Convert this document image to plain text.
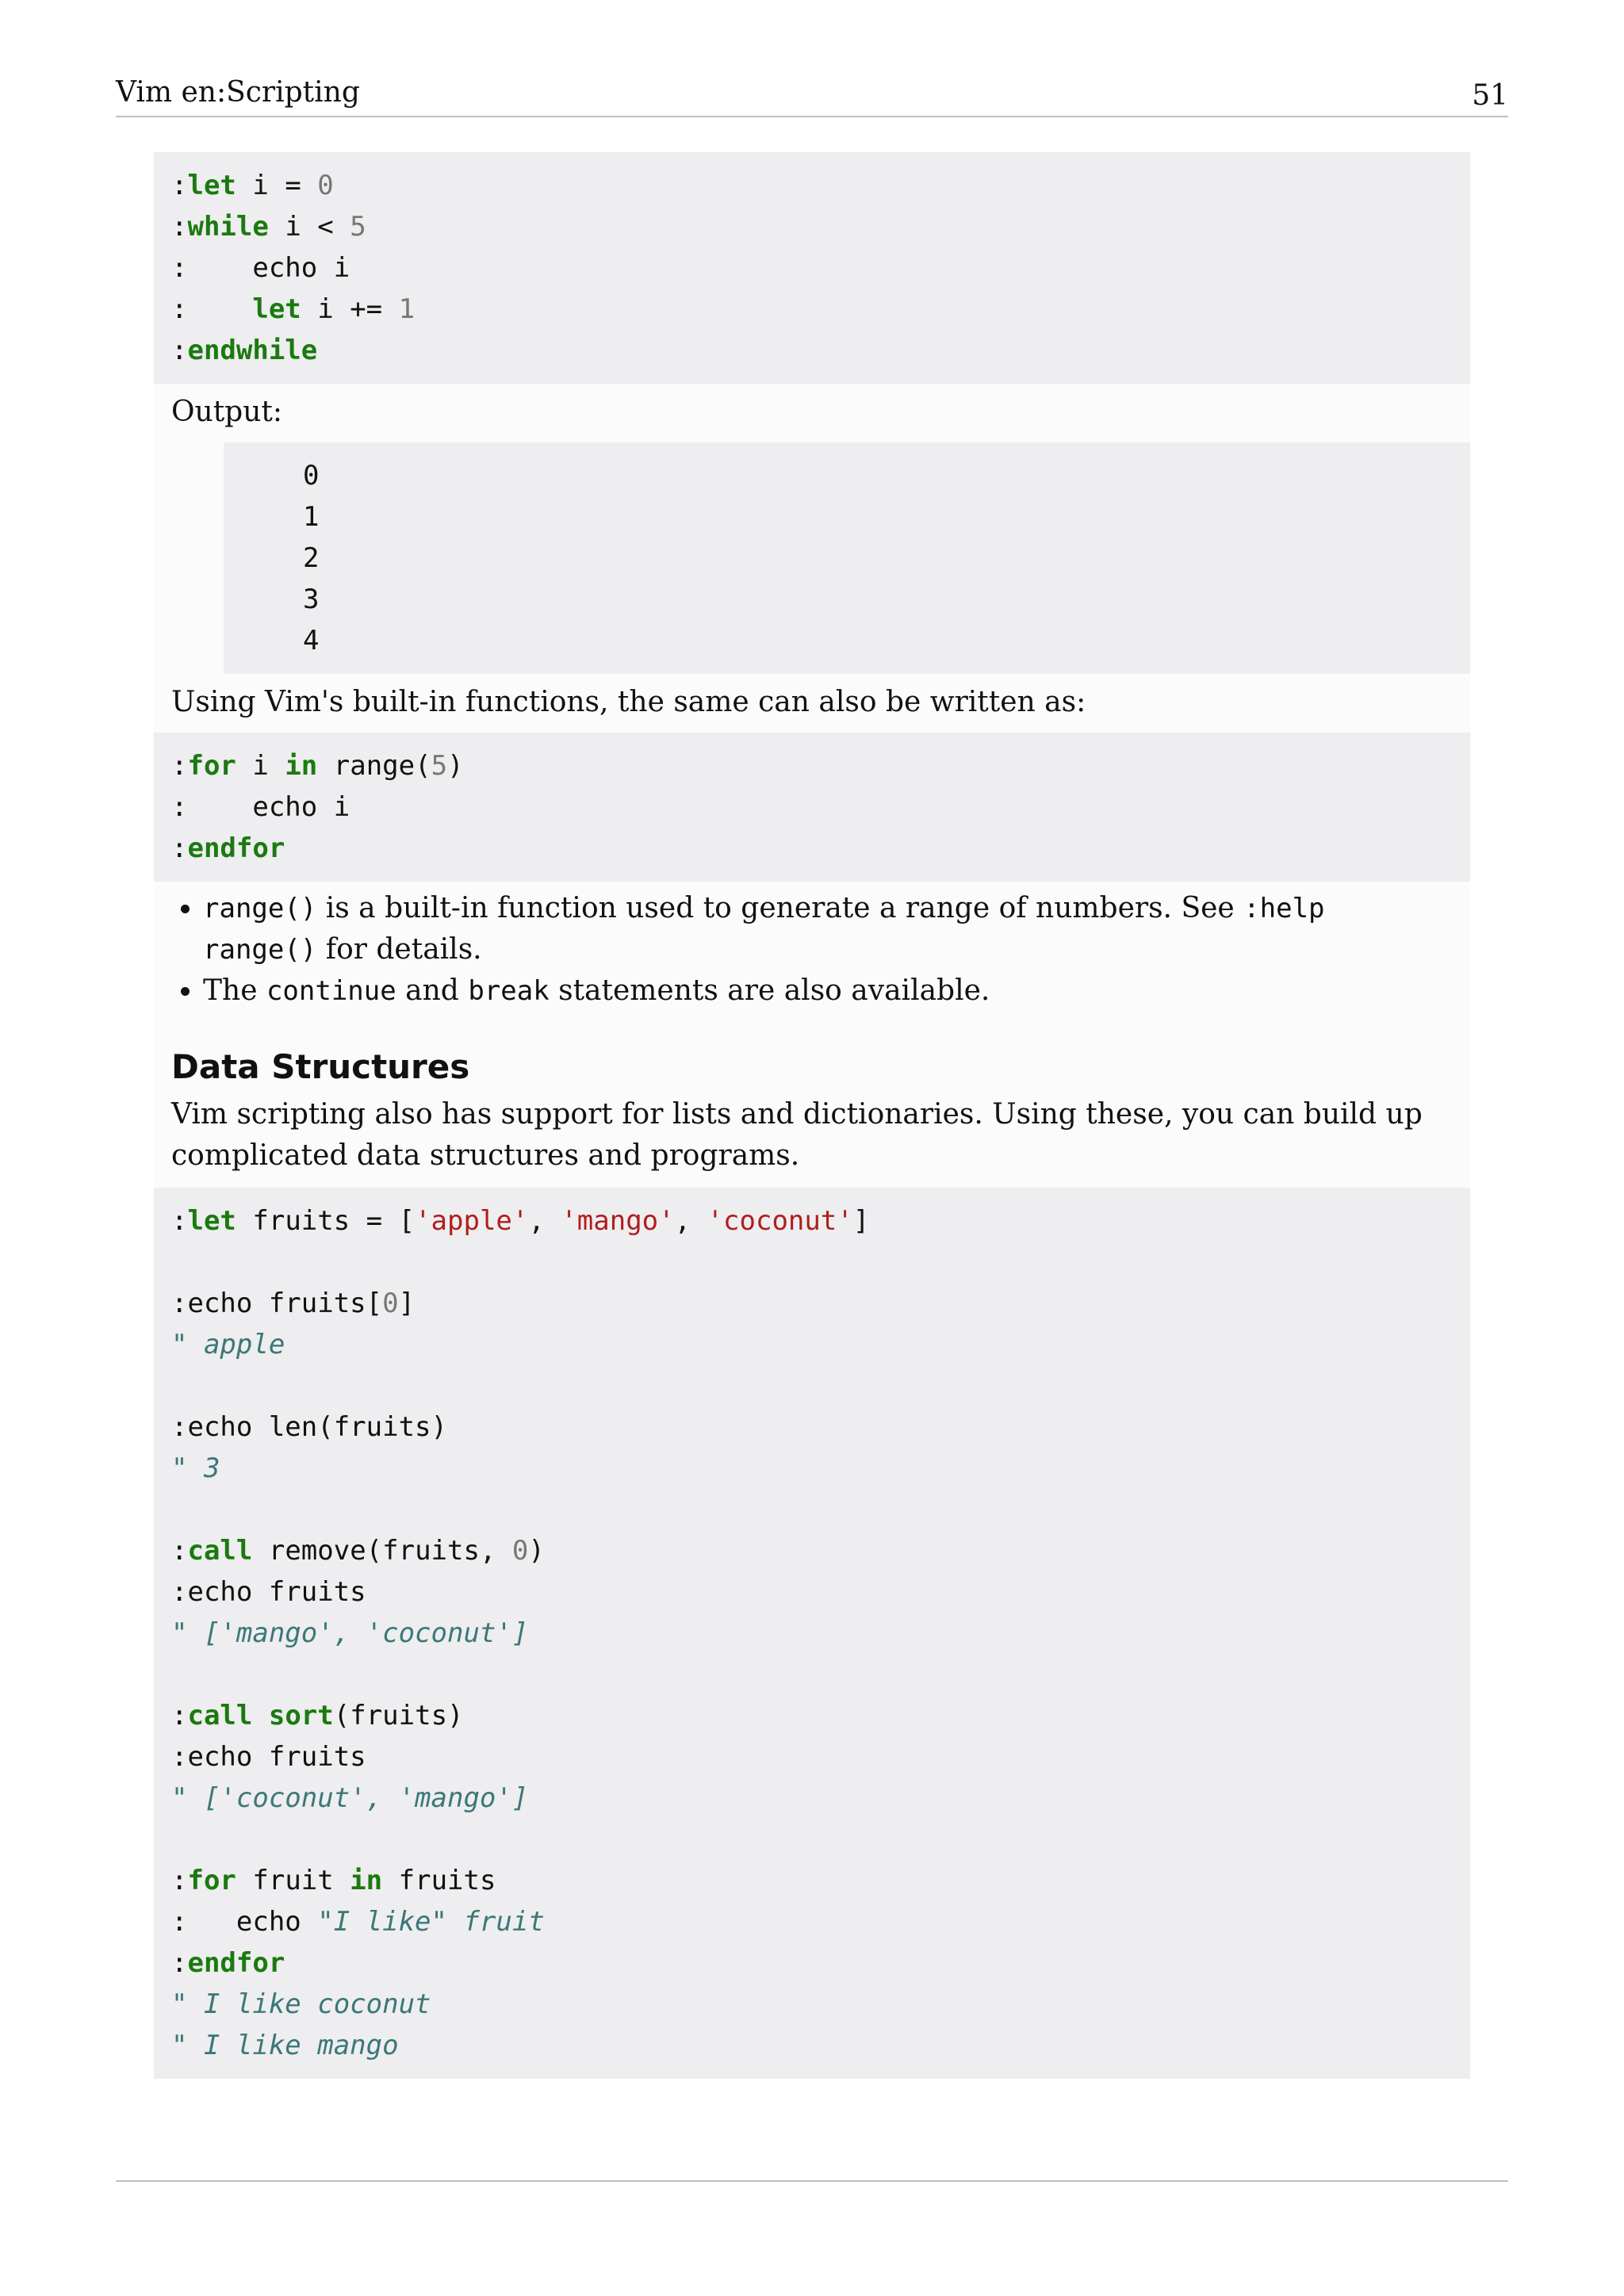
Vim en:Scripting	51
:let i = 0
:while i < 5
:    echo i
:    let i += 1
:endwhile
Output:
0
1
2
3
4
Using Vim's built-in functions, the same can also be written as:
:for i in range(5)
:    echo i
:endfor

• range() is a built-in function used to generate a range of numbers. See :help range() for details.
• The continue and break statements are also available.
Data Structures
Vim scripting also has support for lists and dictionaries. Using these, you can build up complicated data structures and programs.
:let fruits = ['apple', 'mango', 'coconut']

:echo fruits[0]
" apple

:echo len(fruits)
" 3

:call remove(fruits, 0)
:echo fruits
" ['mango', 'coconut']

:call sort(fruits)
:echo fruits
" ['coconut', 'mango']

:for fruit in fruits
:   echo "I like" fruit
:endfor
" I like coconut
" I like mango
